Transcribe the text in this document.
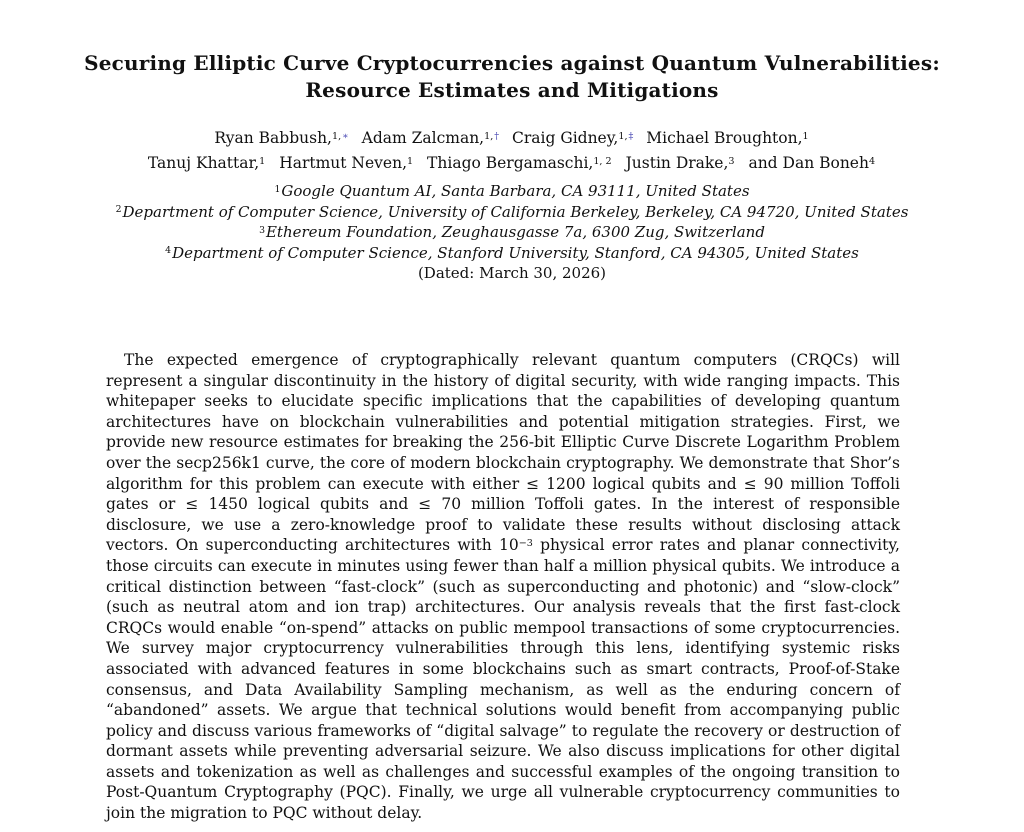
Securing Elliptic Curve Cryptocurrencies against Quantum Vulnerabilities:
Resource Estimates and Mitigations
Ryan Babbush,$^{1,∗}$ Adam Zalcman,$^{1,\dagger}$ Craig Gidney,$^{1,\ddagger}$ Michael Broughton,$^1$
Tanuj Khattar,$^1$ Hartmut Neven,$^1$ Thiago Bergamaschi,$^{1, 2}$ Justin Drake,$^3$ and Dan Boneh$^4$
$^1$Google Quantum AI, Santa Barbara, CA 93111, United States
$^2$Department of Computer Science, University of California Berkeley, Berkeley, CA 94720, United States
$^3$Ethereum Foundation, Zeughausgasse 7a, 6300 Zug, Switzerland
$^4$Department of Computer Science, Stanford University, Stanford, CA 94305, United States
(Dated: March 30, 2026)

The expected emergence of cryptographically relevant quantum computers (CRQCs) will represent a singular discontinuity in the history of digital security, with wide ranging impacts. This whitepaper seeks to elucidate specific implications that the capabilities of developing quantum architectures have on blockchain vulnerabilities and potential mitigation strategies. First, we provide new resource estimates for breaking the 256-bit Elliptic Curve Discrete Logarithm Problem over the secp256k1 curve, the core of modern blockchain cryptography. We demonstrate that Shor’s algorithm for this problem can execute with either ≤ 1200 logical qubits and ≤ 90 million Toffoli gates or ≤ 1450 logical qubits and ≤ 70 million Toffoli gates. In the interest of responsible disclosure, we use a zero-knowledge proof to validate these results without disclosing attack vectors. On superconducting architectures with $10^{-3}$ physical error rates and planar connectivity, those circuits can execute in minutes using fewer than half a million physical qubits. We introduce a critical distinction between “fast-clock” (such as superconducting and photonic) and “slow-clock” (such as neutral atom and ion trap) architectures. Our analysis reveals that the first fast-clock CRQCs would enable “on-spend” attacks on public mempool transactions of some cryptocurrencies. We survey major cryptocurrency vulnerabilities through this lens, identifying systemic risks associated with advanced features in some blockchains such as smart contracts, Proof-of-Stake consensus, and Data Availability Sampling mechanism, as well as the enduring concern of “abandoned” assets. We argue that technical solutions would benefit from accompanying public policy and discuss various frameworks of “digital salvage” to regulate the recovery or destruction of dormant assets while preventing adversarial seizure. We also discuss implications for other digital assets and tokenization as well as challenges and successful examples of the ongoing transition to Post-Quantum Cryptography (PQC). Finally, we urge all vulnerable cryptocurrency communities to join the migration to PQC without delay.
